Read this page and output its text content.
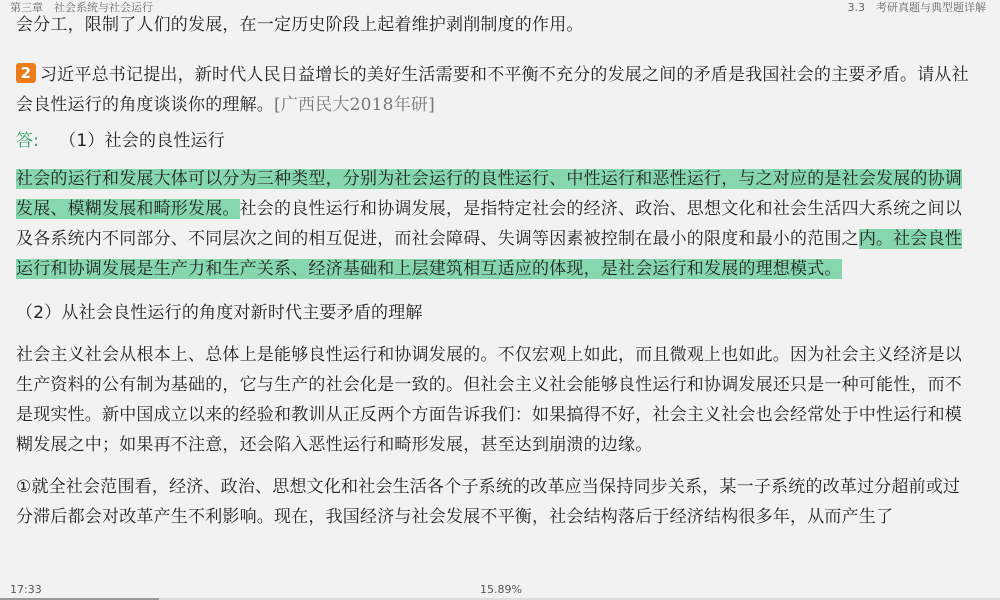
第三章　社会系统与社会运行	3.3　考研真题与典型题详解

会分工，限制了人们的发展，在一定历史阶段上起着维护剥削制度的作用。

2 习近平总书记提出，新时代人民日益增长的美好生活需要和不平衡不充分的发展之间的矛盾是我国社会的主要矛盾。请从社会良性运行的角度谈谈你的理解。[广西民大2018年研]

答: （1）社会的良性运行

社会的运行和发展大体可以分为三种类型，分别为社会运行的良性运行、中性运行和恶性运行，与之对应的是社会发展的协调发展、模糊发展和畸形发展。社会的良性运行和协调发展，是指特定社会的经济、政治、思想文化和社会生活四大系统之间以及各系统内不同部分、不同层次之间的相互促进，而社会障碍、失调等因素被控制在最小的限度和最小的范围之内。社会良性运行和协调发展是生产力和生产关系、经济基础和上层建筑相互适应的体现，是社会运行和发展的理想模式。

（2）从社会良性运行的角度对新时代主要矛盾的理解

社会主义社会从根本上、总体上是能够良性运行和协调发展的。不仅宏观上如此，而且微观上也如此。因为社会主义经济是以生产资料的公有制为基础的，它与生产的社会化是一致的。但社会主义社会能够良性运行和协调发展还只是一种可能性，而不是现实性。新中国成立以来的经验和教训从正反两个方面告诉我们：如果搞得不好，社会主义社会也会经常处于中性运行和模糊发展之中；如果再不注意，还会陷入恶性运行和畸形发展，甚至达到崩溃的边缘。

①就全社会范围看，经济、政治、思想文化和社会生活各个子系统的改革应当保持同步关系，某一子系统的改革过分超前或过分滞后都会对改革产生不利影响。现在，我国经济与社会发展不平衡，社会结构落后于经济结构很多年，从而产生了

17:33	15.89%
